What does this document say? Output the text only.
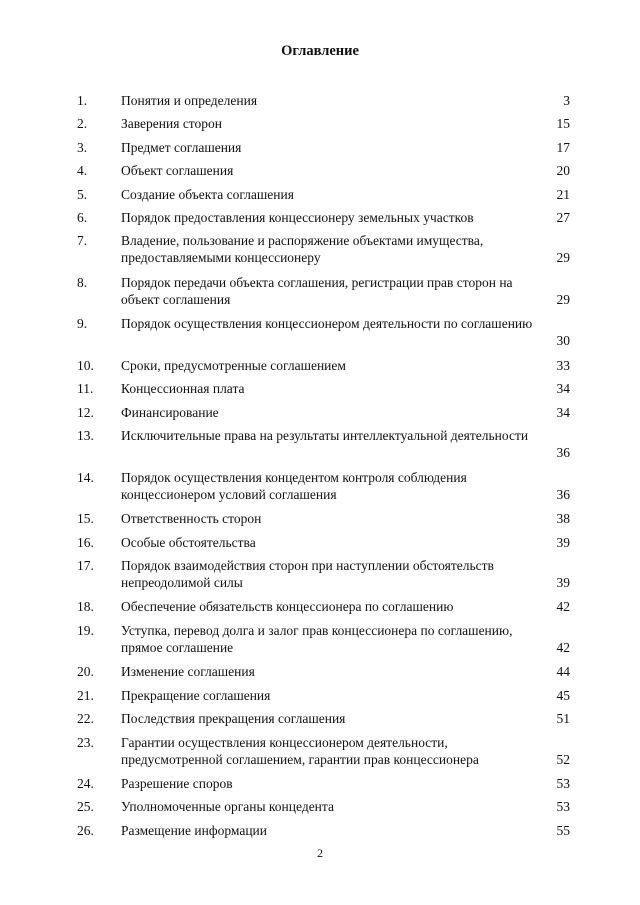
Оглавление
1.	Понятия и определения	3
2.	Заверения сторон	15
3.	Предмет соглашения	17
4.	Объект соглашения	20
5.	Создание объекта соглашения	21
6.	Порядок предоставления концессионеру земельных участков	27
7.	Владение, пользование и распоряжение объектами имущества,
предоставляемыми концессионеру	29
8.	Порядок передачи объекта соглашения, регистрации прав сторон на
объект соглашения	29
9.	Порядок осуществления концессионером деятельности по соглашению
30
10. Сроки, предусмотренные соглашением	33
11. Концессионная плата	34
12. Финансирование	34
13. Исключительные права на результаты интеллектуальной деятельности
36
14. Порядок осуществления концедентом контроля соблюдения
концессионером условий соглашения	36
15. Ответственность сторон	38
16. Особые обстоятельства	39
17. Порядок взаимодействия сторон при наступлении обстоятельств
непреодолимой силы	39
18. Обеспечение обязательств концессионера по соглашению	42
19. Уступка, перевод долга и залог прав концессионера по соглашению,
прямое соглашение	42
20. Изменение соглашения	44
21. Прекращение соглашения	45
22. Последствия прекращения соглашения	51
23. Гарантии осуществления концессионером деятельности,
предусмотренной соглашением, гарантии прав концессионера	52
24. Разрешение споров	53
25. Уполномоченные органы концедента	53
26. Размещение информации	55
2
